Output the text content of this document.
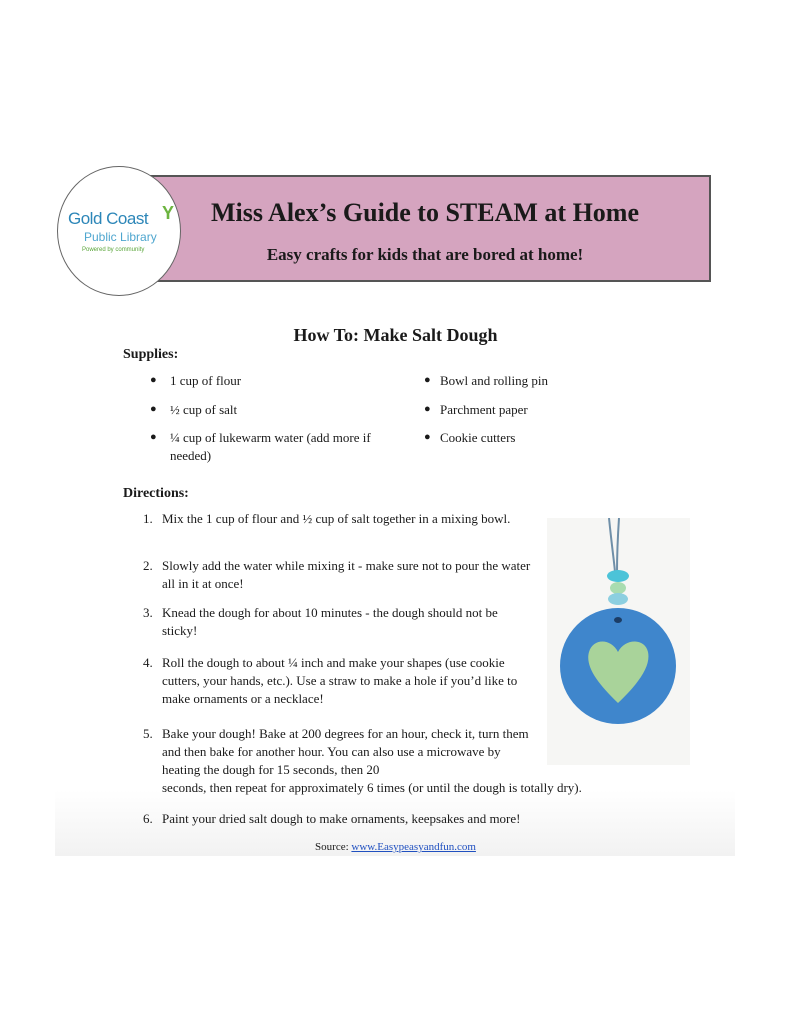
Miss Alex’s Guide to STEAM at Home
Easy crafts for kids that are bored at home!
Gold Coast Y
Public Library
Powered by community
How To: Make Salt Dough
Supplies:
● 1 cup of flour
● ½ cup of salt
● ¼ cup of lukewarm water (add more if needed)
● Bowl and rolling pin
● Parchment paper
● Cookie cutters
Directions:
1. Mix the 1 cup of flour and ½ cup of salt together in a mixing bowl.
2. Slowly add the water while mixing it - make sure not to pour the water all in it at once!
3. Knead the dough for about 10 minutes - the dough should not be sticky!
4. Roll the dough to about ¼ inch and make your shapes (use cookie cutters, your hands, etc.). Use a straw to make a hole if you’d like to make ornaments or a necklace!
5. Bake your dough! Bake at 200 degrees for an hour, check it, turn them and then bake for another hour. You can also use a microwave by heating the dough for 15 seconds, then 20
seconds, then repeat for approximately 6 times (or until the dough is totally dry).
6. Paint your dried salt dough to make ornaments, keepsakes and more!
Source: www.Easypeasyandfun.com
